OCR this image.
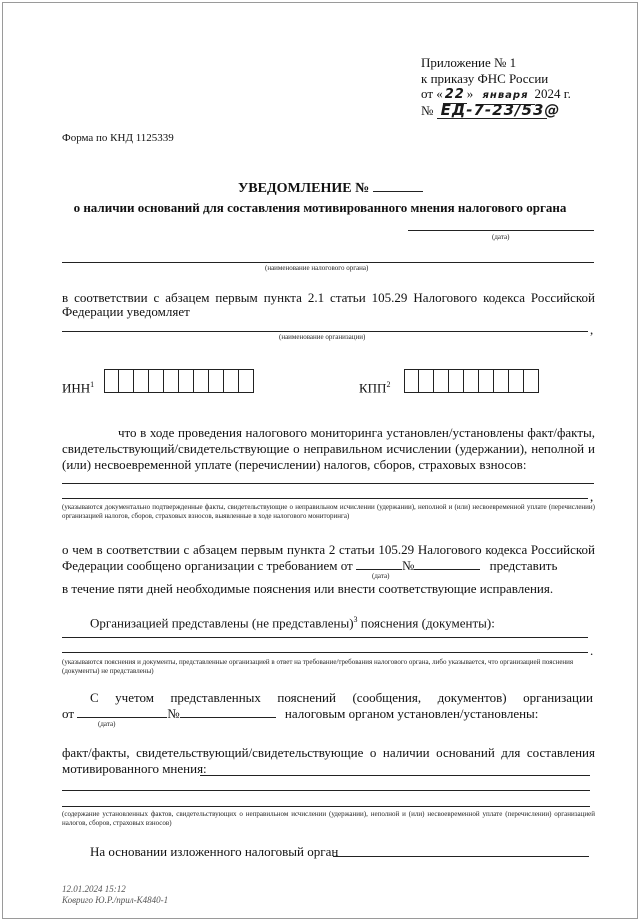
Приложение № 1
к приказу ФНС России
от « 22 » января 2024 г.
№ ЕД-7-23/53@
Форма по КНД 1125339
УВЕДОМЛЕНИЕ №
о наличии оснований для составления мотивированного мнения налогового органа
(дата)
(наименование налогового органа)
в соответствии с абзацем первым пункта 2.1 статьи 105.29 Налогового кодекса Российской
Федерации уведомляет
,
(наименование организации)
ИНН$^1$	КПП$^2$
что в ходе проведения налогового мониторинга установлен/установлены факт/факты,
свидетельствующий/свидетельствующие о неправильном исчислении (удержании), неполной и
(или) несвоевременной уплате (перечислении) налогов, сборов, страховых взносов:
,
(указываются документально подтвержденные факты, свидетельствующие о неправильном исчислении (удержании), неполной и (или) несвоевременной уплате (перечислении) организацией налогов, сборов, страховых взносов, выявленные в ходе налогового мониторинга)
о чем в соответствии с абзацем первым пункта 2 статьи 105.29 Налогового кодекса Российской
Федерации сообщено организации с требованием от	№	представить
(дата)
в течение пяти дней необходимые пояснения или внести соответствующие исправления.
Организацией представлены (не представлены)$^3$ пояснения (документы):
.
(указываются пояснения и документы, представленные организацией в ответ на требование/требования налогового органа, либо указывается, что организацией пояснения (документы) не представлены)
С учетом представленных пояснений (сообщения, документов) организации
от	№	налоговым органом установлен/установлены:
(дата)
факт/факты, свидетельствующий/свидетельствующие о наличии оснований для составления
мотивированного мнения:
(содержание установленных фактов, свидетельствующих о неправильном исчислении (удержании), неполной и (или) несвоевременной уплате (перечислении) организацией налогов, сборов, страховых взносов)
На основании изложенного налоговый орган
12.01.2024 15:12
Ковриго Ю.Р./прил-К4840-1
